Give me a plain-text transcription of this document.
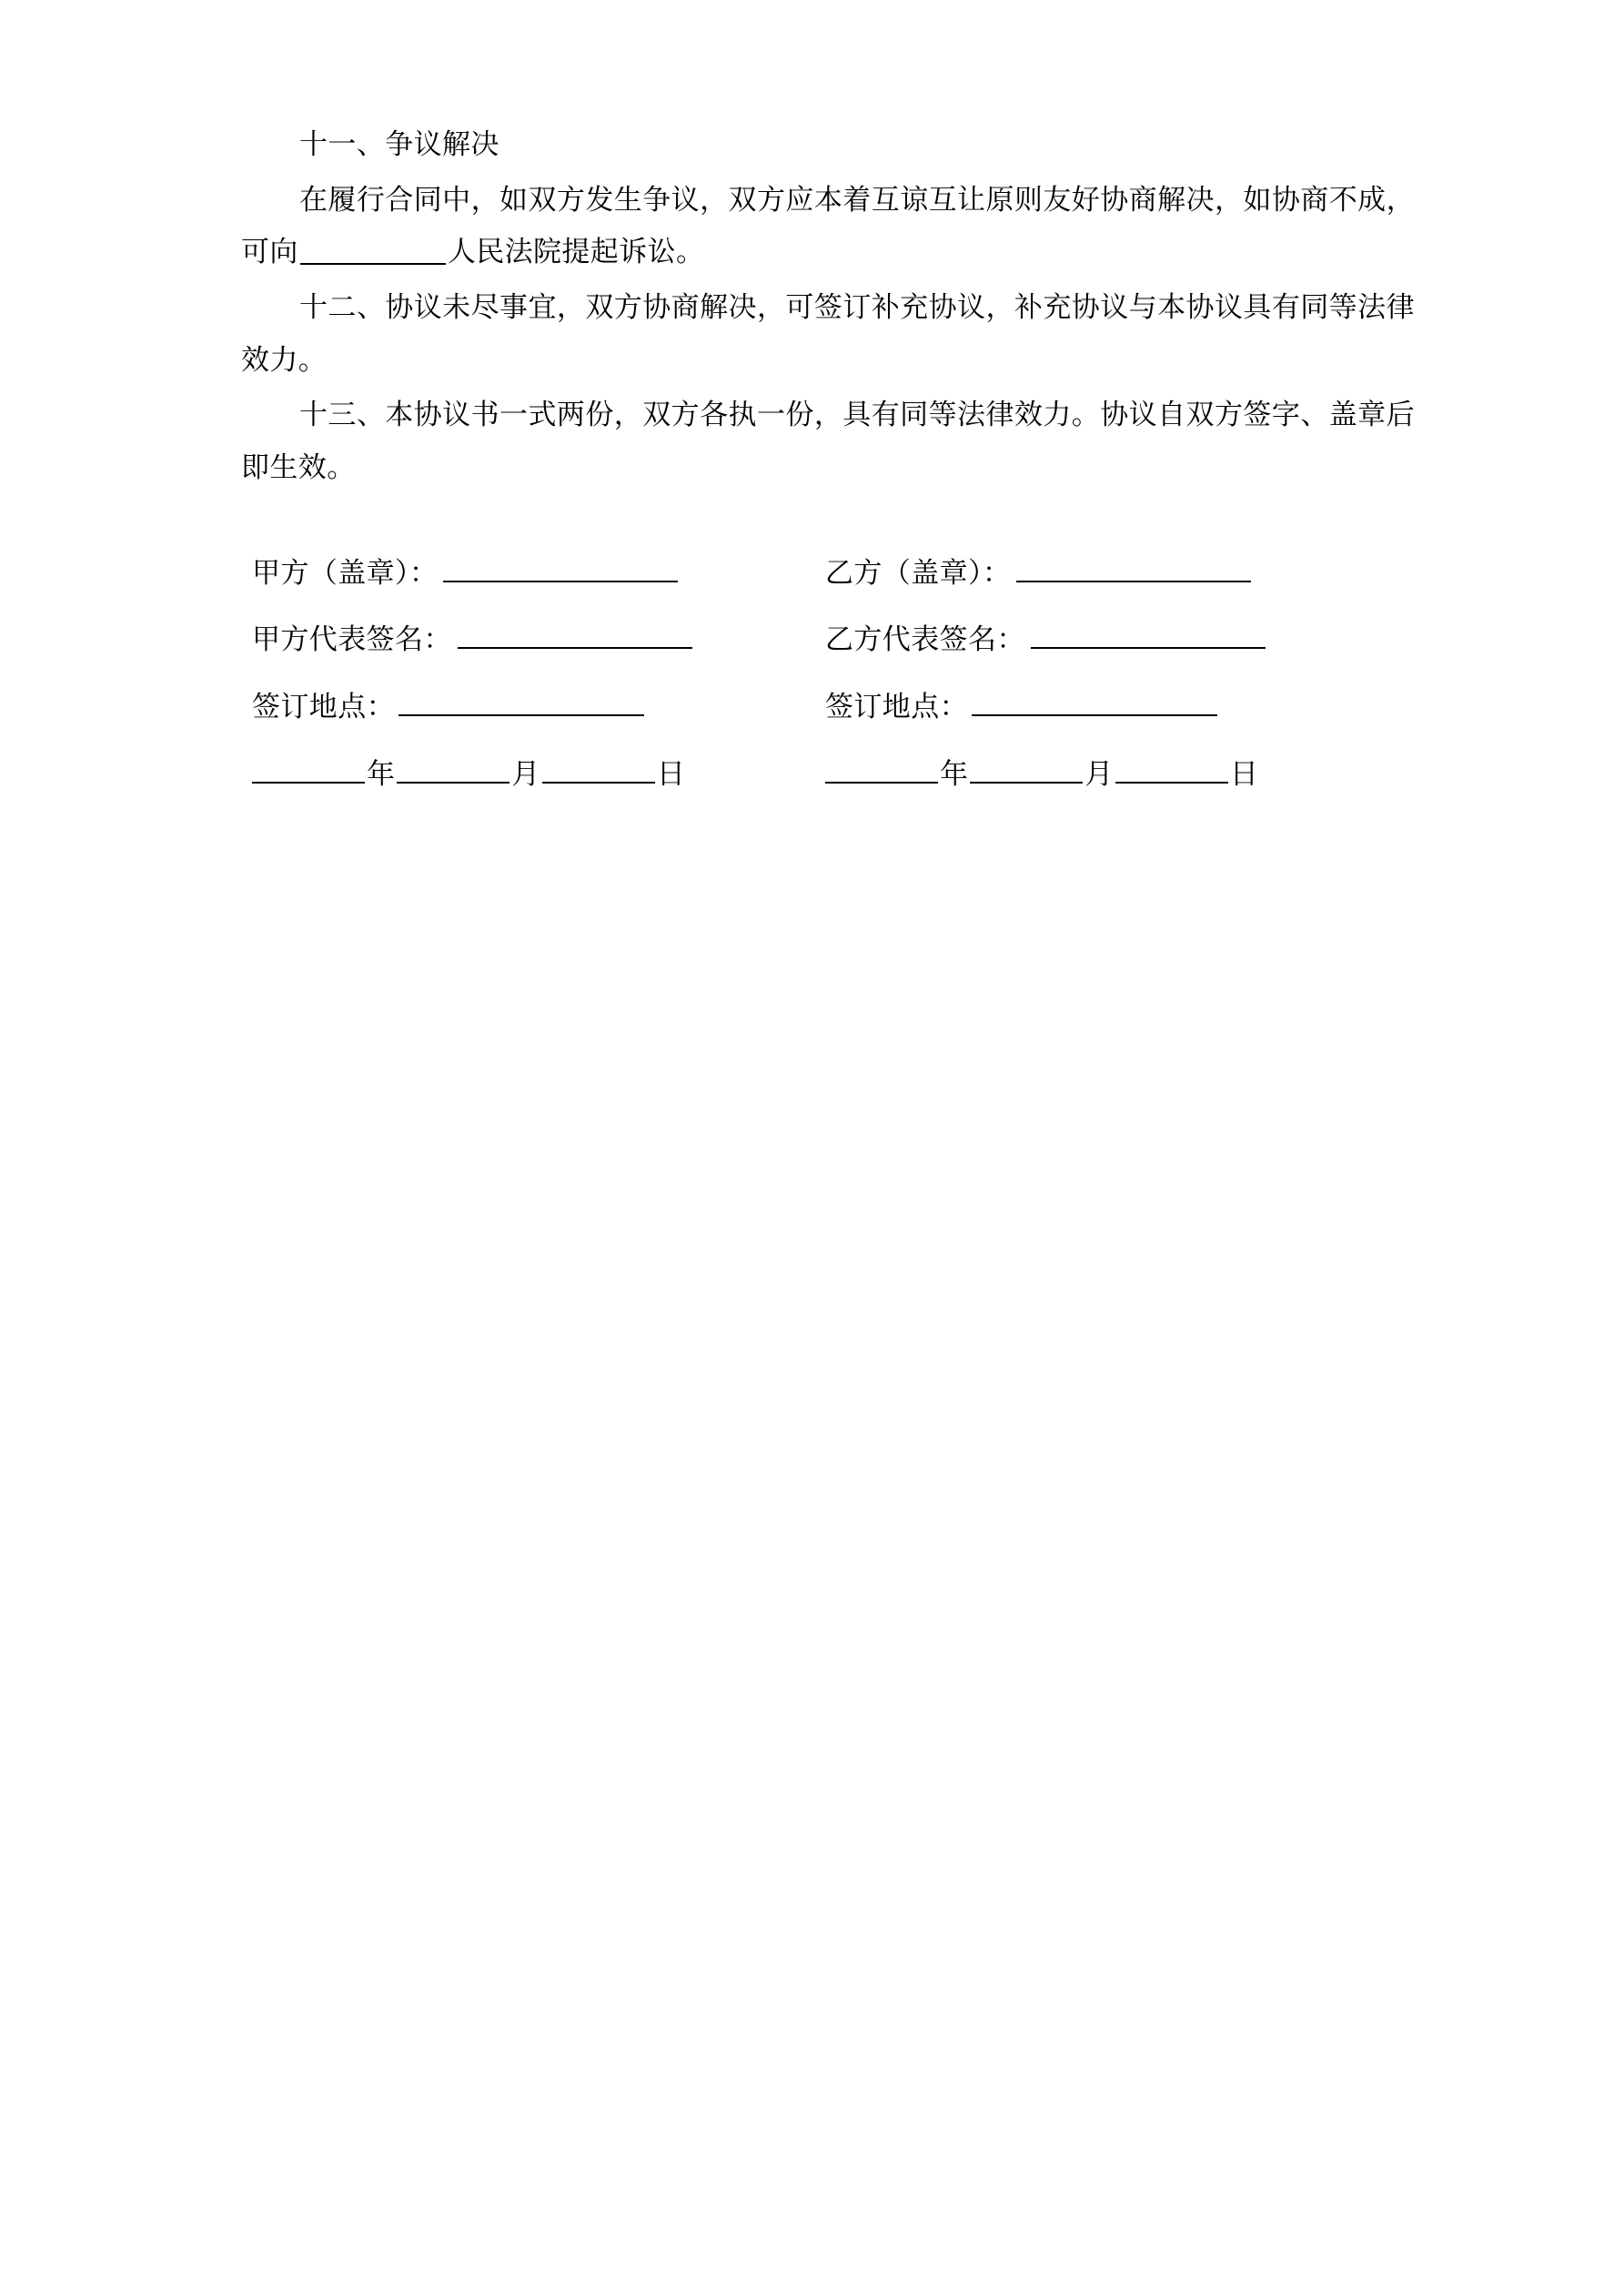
十一、争议解决

在履行合同中，如双方发生争议，双方应本着互谅互让原则友好协商解决，如协商不成，可向	人民法院提起诉讼。

十二、协议未尽事宜，双方协商解决，可签订补充协议，补充协议与本协议具有同等法律效力。

十三、本协议书一式两份，双方各执一份，具有同等法律效力。协议自双方签字、盖章后即生效。

甲方（盖章）：	乙方（盖章）：
甲方代表签名：	乙方代表签名：
签订地点：	签订地点：
年	月	日	年	月	日
